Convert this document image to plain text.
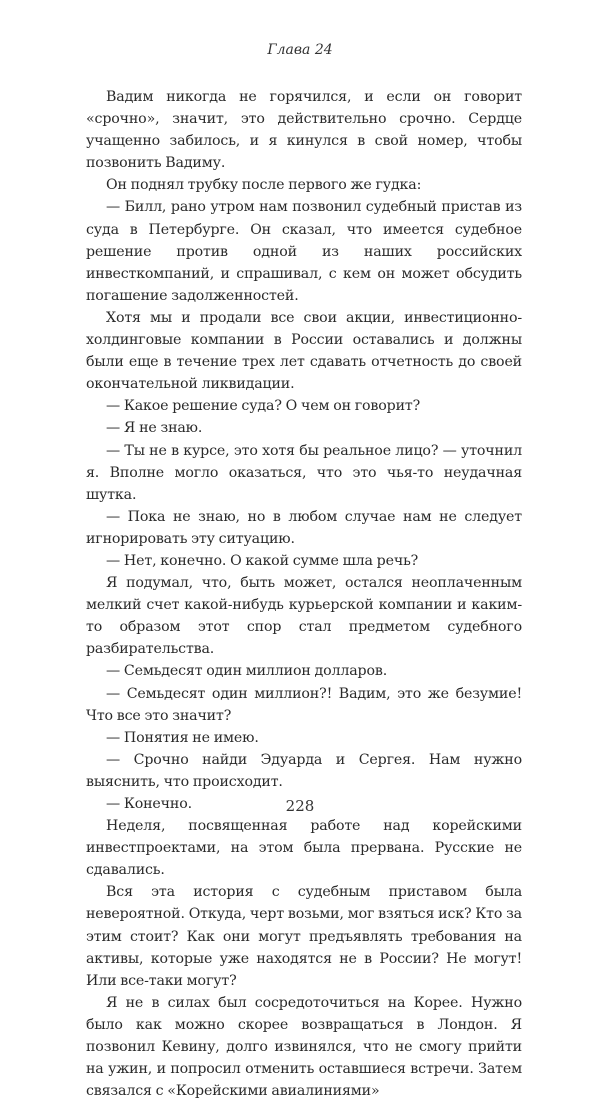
Глава 24

Вадим никогда не горячился, и если он говорит «срочно», значит, это действительно срочно. Сердце учащенно забилось, и я кинулся в свой номер, чтобы позвонить Вадиму.

Он поднял трубку после первого же гудка:

— Билл, рано утром нам позвонил судебный пристав из суда в Петербурге. Он сказал, что имеется судебное решение против одной из наших российских инвесткомпаний, и спрашивал, с кем он может обсудить погашение задолженностей.

Хотя мы и продали все свои акции, инвестиционно-холдинговые компании в России оставались и должны были еще в течение трех лет сдавать отчетность до своей окончательной ликвидации.

— Какое решение суда? О чем он говорит?

— Я не знаю.

— Ты не в курсе, это хотя бы реальное лицо? — уточнил я. Вполне могло оказаться, что это чья-то неудачная шутка.

— Пока не знаю, но в любом случае нам не следует игнорировать эту ситуацию.

— Нет, конечно. О какой сумме шла речь?

Я подумал, что, быть может, остался неоплаченным мелкий счет какой-нибудь курьерской компании и каким-то образом этот спор стал предметом судебного разбирательства.

— Семьдесят один миллион долларов.

— Семьдесят один миллион?! Вадим, это же безумие! Что все это значит?

— Понятия не имею.

— Срочно найди Эдуарда и Сергея. Нам нужно выяснить, что происходит.

— Конечно.

Неделя, посвященная работе над корейскими инвестпроектами, на этом была прервана. Русские не сдавались.

Вся эта история с судебным приставом была невероятной. Откуда, черт возьми, мог взяться иск? Кто за этим стоит? Как они могут предъявлять требования на активы, которые уже находятся не в России? Не могут! Или все-таки могут?

Я не в силах был сосредоточиться на Корее. Нужно было как можно скорее возвращаться в Лондон. Я позвонил Кевину, долго извинялся, что не смогу прийти на ужин, и попросил отменить оставшиеся встречи. Затем связался с «Корейскими авиалиниями»

228
